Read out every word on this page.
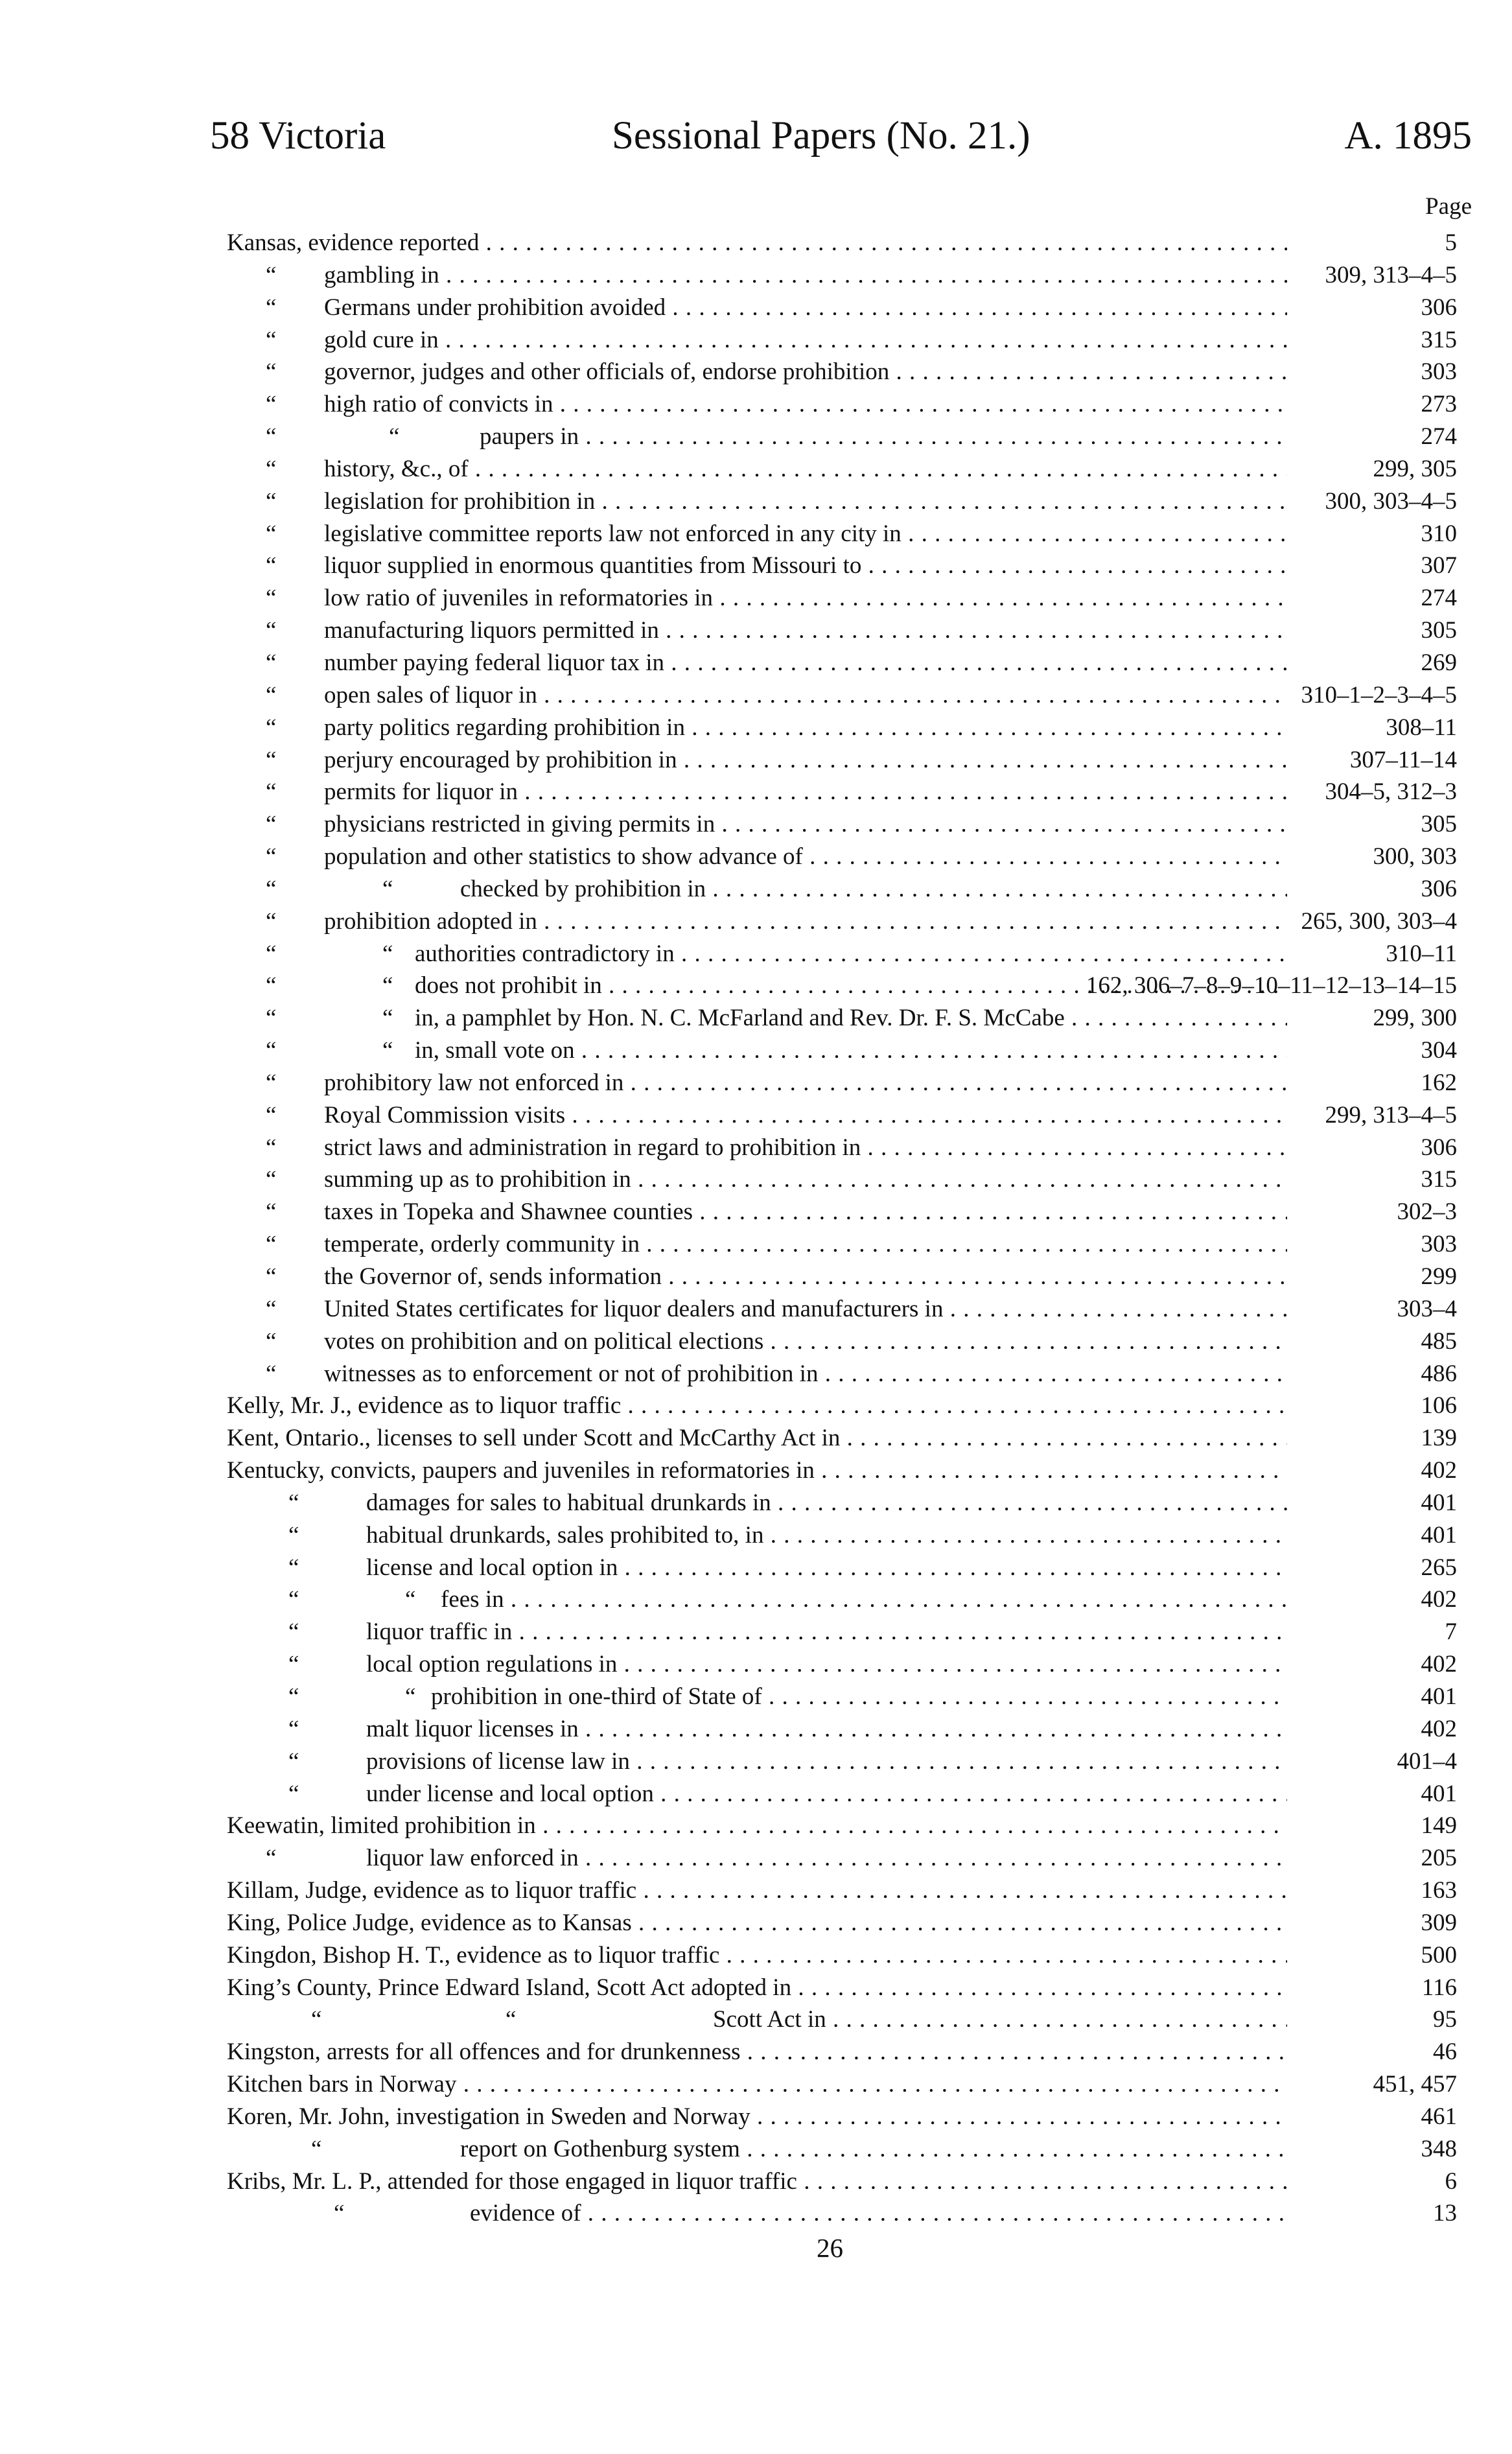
58 Victoria	Sessional Papers (No. 21.)	A. 1895
Page
Kansas, evidence reported . . .	5
“ gambling in . . .	309, 313–4–5
“ Germans under prohibition avoided . . .	306
“ gold cure in . . .	315
“ governor, judges and other officials of, endorse prohibition . . .	303
“ high ratio of convicts in . . .	273
“	“	paupers in . . .	274
“ history, &c., of . . .	299, 305
“ legislation for prohibition in . . .	300, 303–4–5
“ legislative committee reports law not enforced in any city in . . .	310
“ liquor supplied in enormous quantities from Missouri to . . .	307
“ low ratio of juveniles in reformatories in . . .	274
“ manufacturing liquors permitted in . . .	305
“ number paying federal liquor tax in . . .	269
“ open sales of liquor in . . .	310–1–2–3–4–5
“ party politics regarding prohibition in . . .	308–11
“ perjury encouraged by prohibition in . . .	307–11–14
“ permits for liquor in . . .	304–5, 312–3
“ physicians restricted in giving permits in . . .	305
“ population and other statistics to show advance of . . .	300, 303
“	“	checked by prohibition in . . .	306
“ prohibition adopted in . . .	265, 300, 303–4
“	“ authorities contradictory in . . .	310–11
“	“ does not prohibit in . . .	162, 306–7–8–9–10–11–12–13–14–15
“	“ in, a pamphlet by Hon. N. C. McFarland and Rev. Dr. F. S. McCabe . . .	299, 300
“	“ in, small vote on . . .	304
“ prohibitory law not enforced in . . .	162
“ Royal Commission visits . . .	299, 313–4–5
“ strict laws and administration in regard to prohibition in . . .	306
“ summing up as to prohibition in . . .	315
“ taxes in Topeka and Shawnee counties . . .	302–3
“ temperate, orderly community in . . .	303
“ the Governor of, sends information . . .	299
“ United States certificates for liquor dealers and manufacturers in . . .	303–4
“ votes on prohibition and on political elections . . .	485
“ witnesses as to enforcement or not of prohibition in . . .	486
Kelly, Mr. J., evidence as to liquor traffic . . .	106
Kent, Ontario., licenses to sell under Scott and McCarthy Act in . . .	139
Kentucky, convicts, paupers and juveniles in reformatories in . . .	402
“	damages for sales to habitual drunkards in . . .	401
“	habitual drunkards, sales prohibited to, in . . .	401
“	license and local option in . . .	265
“	“ fees in . . .	402
“	liquor traffic in . . .	7
“	local option regulations in . . .	402
“	“ prohibition in one-third of State of . . .	401
“	malt liquor licenses in . . .	402
“	provisions of license law in . . .	401–4
“	under license and local option . . .	401
Keewatin, limited prohibition in . . .	149
“	liquor law enforced in . . .	205
Killam, Judge, evidence as to liquor traffic . . .	163
King, Police Judge, evidence as to Kansas . . .	309
Kingdon, Bishop H. T., evidence as to liquor traffic . . .	500
King’s County, Prince Edward Island, Scott Act adopted in . . .	116
“	“	Scott Act in . . .	95
Kingston, arrests for all offences and for drunkenness . . .	46
Kitchen bars in Norway . . .	451, 457
Koren, Mr. John, investigation in Sweden and Norway . . .	461
“	report on Gothenburg system . . .	348
Kribs, Mr. L. P., attended for those engaged in liquor traffic . . .	6
“	evidence of . . .	13
26
